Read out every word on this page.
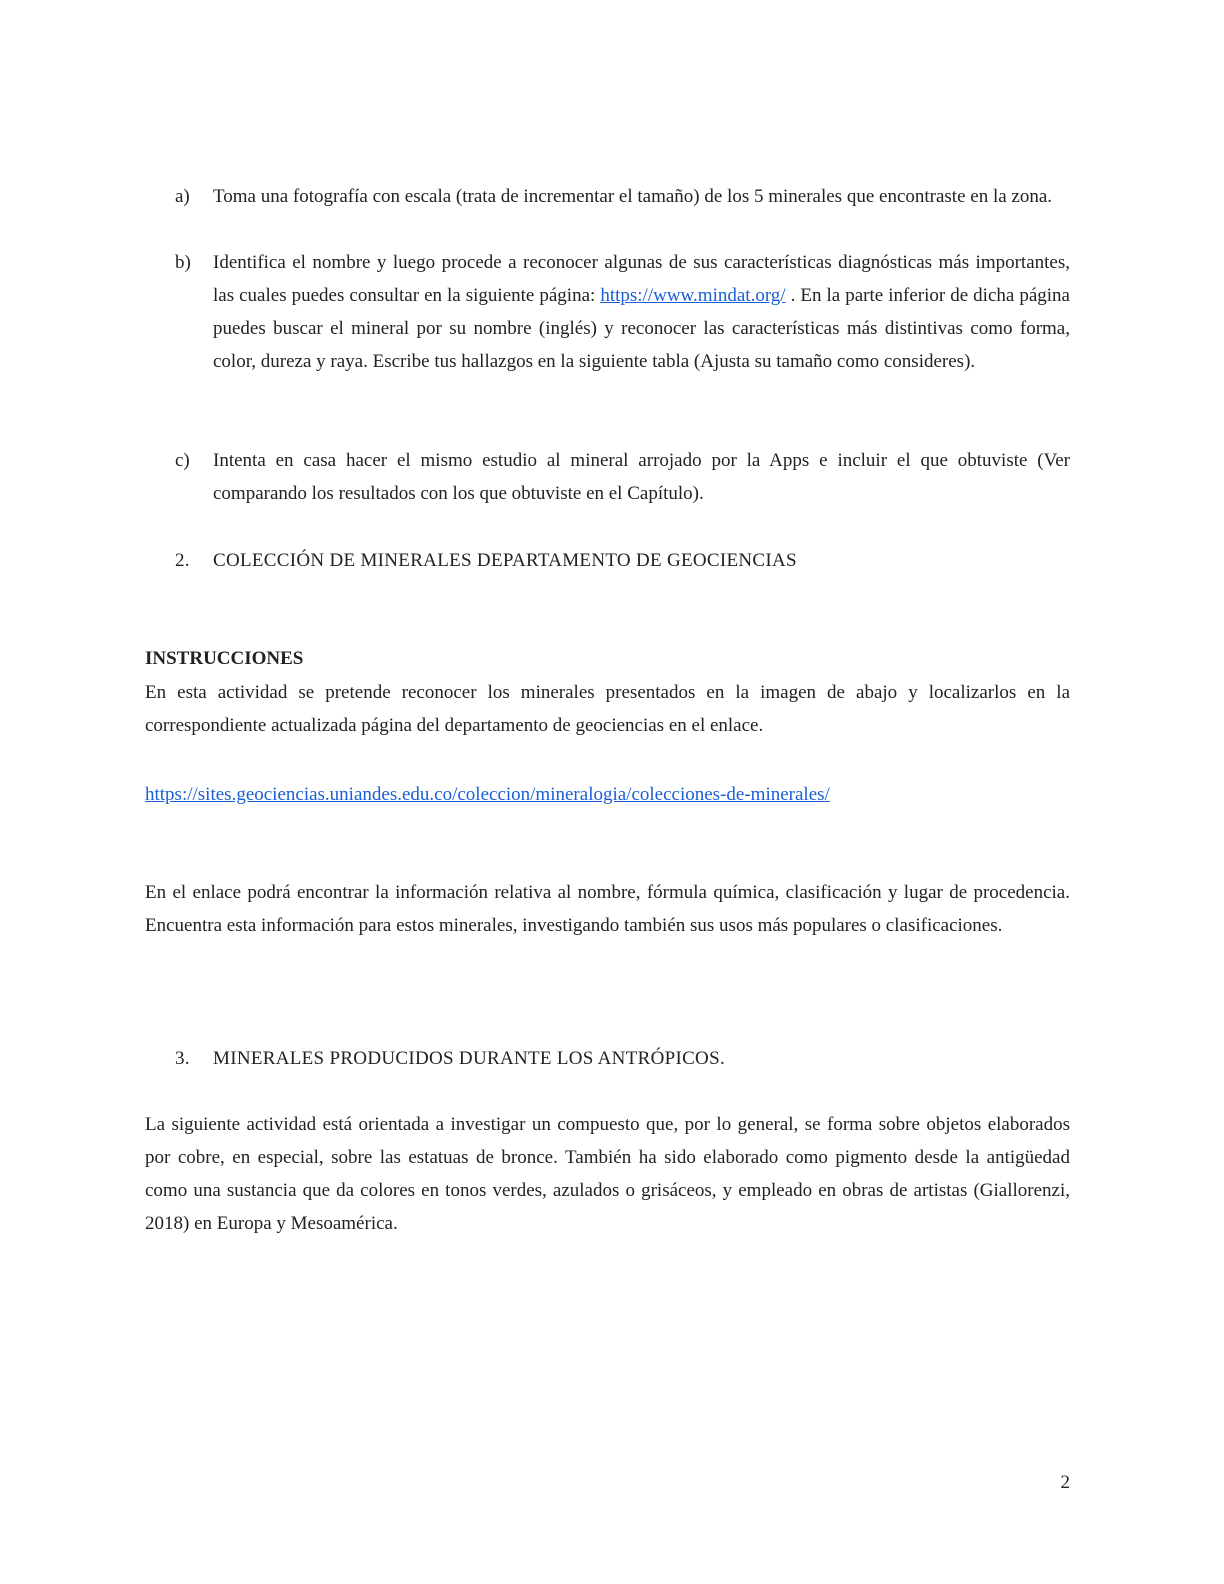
a)	Toma una fotografía con escala (trata de incrementar el tamaño) de los 5 minerales que encontraste en la zona.
b)	Identifica el nombre y luego procede a reconocer algunas de sus características diagnósticas más importantes, las cuales puedes consultar en la siguiente página: https://www.mindat.org/ . En la parte inferior de dicha página puedes buscar el mineral por su nombre (inglés) y reconocer las características más distintivas como forma, color, dureza y raya. Escribe tus hallazgos en la siguiente tabla (Ajusta su tamaño como consideres).
c)	Intenta en casa hacer el mismo estudio al mineral arrojado por la Apps e incluir el que obtuviste (Ver comparando los resultados con los que obtuviste en el Capítulo).
2. COLECCIÓN DE MINERALES DEPARTAMENTO DE GEOCIENCIAS
INSTRUCCIONES
En esta actividad se pretende reconocer los minerales presentados en la imagen de abajo y localizarlos en la correspondiente actualizada página del departamento de geociencias en el enlace.
https://sites.geociencias.uniandes.edu.co/coleccion/mineralogia/colecciones-de-minerales/
En el enlace podrá encontrar la información relativa al nombre, fórmula química, clasificación y lugar de procedencia. Encuentra esta información para estos minerales, investigando también sus usos más populares o clasificaciones.
3. MINERALES PRODUCIDOS DURANTE LOS ANTRÓPICOS.
La siguiente actividad está orientada a investigar un compuesto que, por lo general, se forma sobre objetos elaborados por cobre, en especial, sobre las estatuas de bronce. También ha sido elaborado como pigmento desde la antigüedad como una sustancia que da colores en tonos verdes, azulados o grisáceos, y empleado en obras de artistas (Giallorenzi, 2018) en Europa y Mesoamérica.
2
